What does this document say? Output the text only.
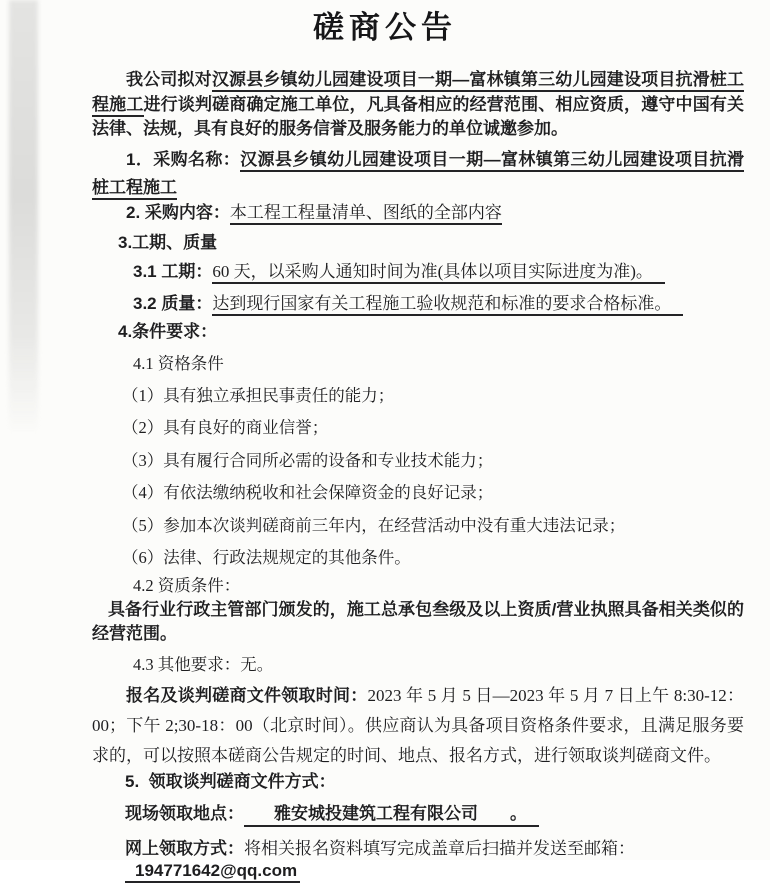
磋商公告

我公司拟对汉源县乡镇幼儿园建设项目一期—富林镇第三幼儿园建设项目抗滑桩工程施工进行谈判磋商确定施工单位，凡具备相应的经营范围、相应资质，遵守中国有关法律、法规，具有良好的服务信誉及服务能力的单位诚邀参加。

1．采购名称：汉源县乡镇幼儿园建设项目一期—富林镇第三幼儿园建设项目抗滑桩工程施工

2. 采购内容：本工程工程量清单、图纸的全部内容

3.工期、质量

3.1 工期：60 天，以采购人通知时间为准(具体以项目实际进度为准)。

3.2 质量：达到现行国家有关工程施工验收规范和标准的要求合格标准。

4.条件要求：

4.1 资格条件

（1）具有独立承担民事责任的能力；

（2）具有良好的商业信誉；

（3）具有履行合同所必需的设备和专业技术能力；

（4）有依法缴纳税收和社会保障资金的良好记录；

（5）参加本次谈判磋商前三年内，在经营活动中没有重大违法记录；

（6）法律、行政法规规定的其他条件。

4.2 资质条件：

具备行业行政主管部门颁发的，施工总承包叁级及以上资质/营业执照具备相关类似的经营范围。

4.3 其他要求：无。

报名及谈判磋商文件领取时间：2023 年 5 月 5 日—2023 年 5 月 7 日上午 8:30-12：00；下午 2;30-18：00（北京时间）。供应商认为具备项目资格条件要求，且满足服务要求的，可以按照本磋商公告规定的时间、地点、报名方式，进行领取谈判磋商文件。

5.  领取谈判磋商文件方式：

现场领取地点： 雅安城投建筑工程有限公司 。

网上领取方式：将相关报名资料填写完成盖章后扫描并发送至邮箱：194771642@qq.com
